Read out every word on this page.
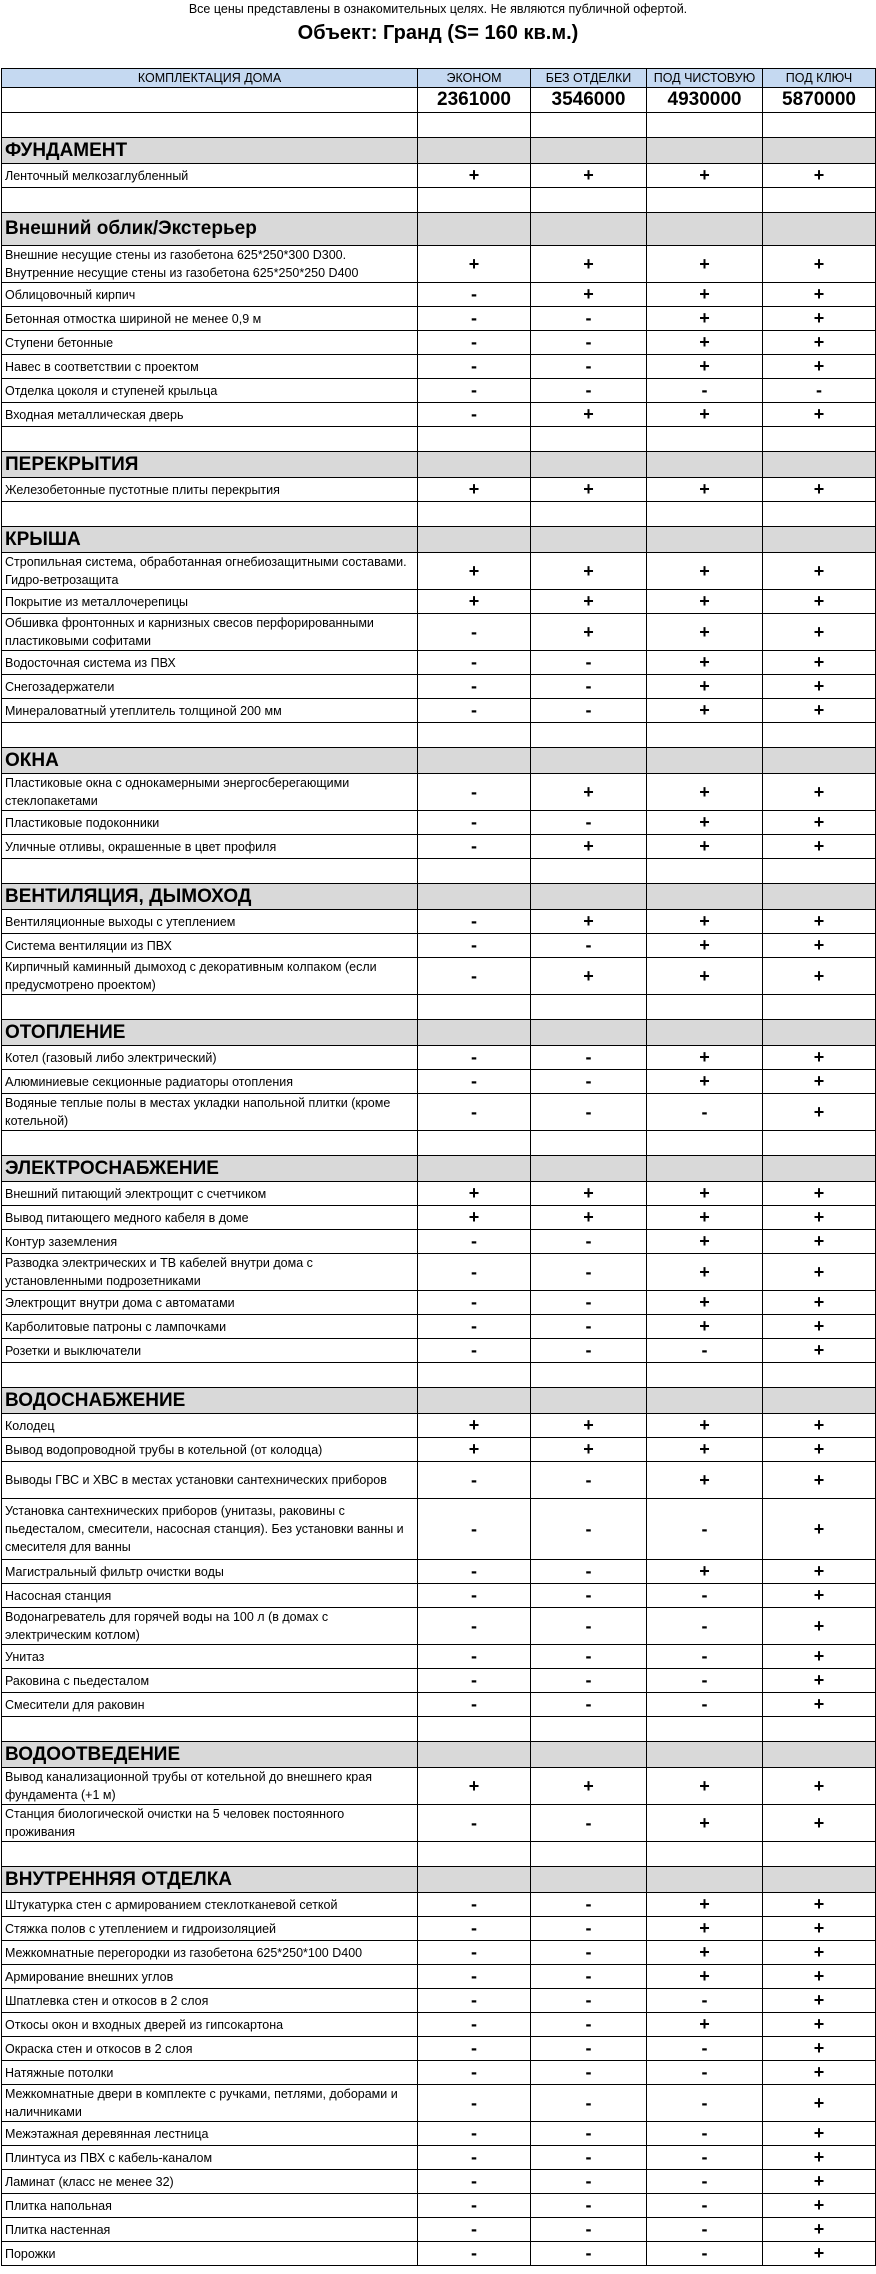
Все цены представлены в ознакомительных целях. Не являются публичной офертой.
Объект: Гранд (S= 160 кв.м.)
КОМПЛЕКТАЦИЯ ДОМА	ЭКОНОМ	БЕЗ ОТДЕЛКИ	ПОД ЧИСТОВУЮ	ПОД КЛЮЧ
	2361000	3546000	4930000	5870000

ФУНДАМЕНТ				
Ленточный мелкозаглубленный	+	+	+	+

Внешний облик/Экстерьер				
Внешние несущие стены из газобетона 625*250*300 D300. Внутренние несущие стены из газобетона 625*250*250 D400	+	+	+	+
Облицовочный кирпич	-	+	+	+
Бетонная отмостка шириной не менее 0,9 м	-	-	+	+
Ступени бетонные	-	-	+	+
Навес в соответствии с проектом	-	-	+	+
Отделка цоколя и ступеней крыльца	-	-	-	-
Входная металлическая дверь	-	+	+	+

ПЕРЕКРЫТИЯ				
Железобетонные пустотные плиты перекрытия	+	+	+	+

КРЫША				
Стропильная система, обработанная огнебиозащитными составами. Гидро-ветрозащита	+	+	+	+
Покрытие из металлочерепицы	+	+	+	+
Обшивка фронтонных и карнизных свесов перфорированными пластиковыми софитами	-	+	+	+
Водосточная система из ПВХ	-	-	+	+
Снегозадержатели	-	-	+	+
Минераловатный утеплитель толщиной 200 мм	-	-	+	+

ОКНА				
Пластиковые окна с однокамерными энергосберегающими стеклопакетами	-	+	+	+
Пластиковые подоконники	-	-	+	+
Уличные отливы, окрашенные в цвет профиля	-	+	+	+

ВЕНТИЛЯЦИЯ, ДЫМОХОД				
Вентиляционные выходы с утеплением	-	+	+	+
Система вентиляции из ПВХ	-	-	+	+
Кирпичный каминный дымоход с декоративным колпаком (если предусмотрено проектом)	-	+	+	+

ОТОПЛЕНИЕ				
Котел (газовый либо электрический)	-	-	+	+
Алюминиевые секционные радиаторы отопления	-	-	+	+
Водяные теплые полы в местах укладки напольной плитки (кроме котельной)	-	-	-	+

ЭЛЕКТРОСНАБЖЕНИЕ				
Внешний питающий электрощит с счетчиком	+	+	+	+
Вывод питающего медного кабеля в доме	+	+	+	+
Контур заземления	-	-	+	+
Разводка электрических и ТВ кабелей внутри дома с установленными подрозетниками	-	-	+	+
Электрощит внутри дома с автоматами	-	-	+	+
Карболитовые патроны с лампочками	-	-	+	+
Розетки и выключатели	-	-	-	+

ВОДОСНАБЖЕНИЕ				
Колодец	+	+	+	+
Вывод водопроводной трубы в котельной (от колодца)	+	+	+	+
Выводы ГВС и ХВС в местах установки сантехнических приборов	-	-	+	+
Установка сантехнических приборов (унитазы, раковины с пьедесталом, смесители, насосная станция). Без установки ванны и смесителя для ванны	-	-	-	+
Магистральный фильтр очистки воды	-	-	+	+
Насосная станция	-	-	-	+
Водонагреватель для горячей воды на 100 л (в домах с электрическим котлом)	-	-	-	+
Унитаз	-	-	-	+
Раковина с пьедесталом	-	-	-	+
Смесители для раковин	-	-	-	+

ВОДООТВЕДЕНИЕ				
Вывод канализационной трубы от котельной до внешнего края фундамента (+1 м)	+	+	+	+
Станция биологической очистки на 5 человек постоянного проживания	-	-	+	+

ВНУТРЕННЯЯ ОТДЕЛКА				
Штукатурка стен с армированием стеклотканевой сеткой	-	-	+	+
Стяжка полов с утеплением и гидроизоляцией	-	-	+	+
Межкомнатные перегородки из газобетона 625*250*100 D400	-	-	+	+
Армирование внешних углов	-	-	+	+
Шпатлевка стен и откосов в 2 слоя	-	-	-	+
Откосы окон и входных дверей из гипсокартона	-	-	+	+
Окраска стен и откосов в 2 слоя	-	-	-	+
Натяжные потолки	-	-	-	+
Межкомнатные двери в комплекте с ручками, петлями, доборами и наличниками	-	-	-	+
Межэтажная деревянная лестница	-	-	-	+
Плинтуса из ПВХ с кабель-каналом	-	-	-	+
Ламинат (класс не менее 32)	-	-	-	+
Плитка напольная	-	-	-	+
Плитка настенная	-	-	-	+
Порожки	-	-	-	+
